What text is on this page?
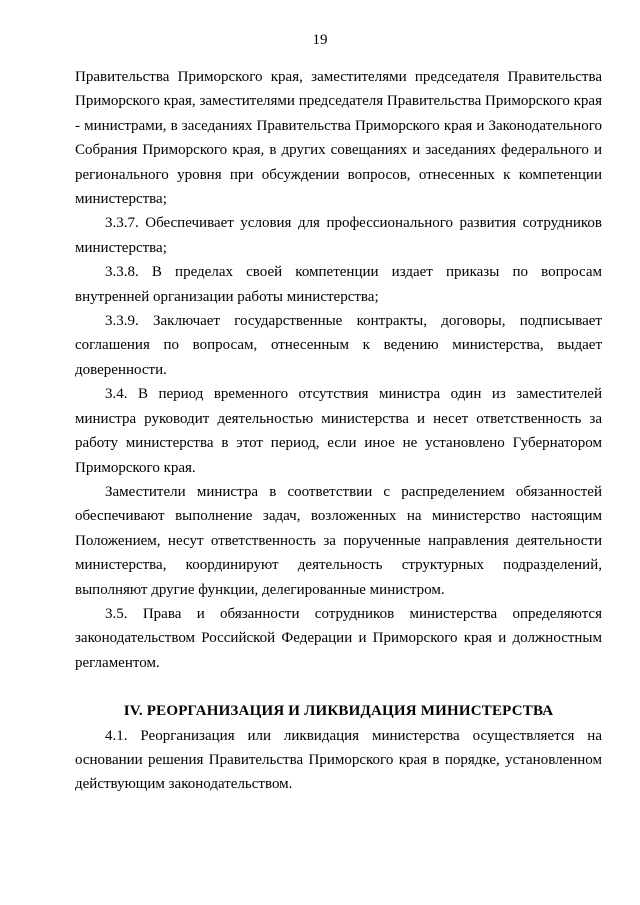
19

Правительства Приморского края, заместителями председателя Правительства Приморского края, заместителями председателя Правительства Приморского края - министрами, в заседаниях Правительства Приморского края и Законодательного Собрания Приморского края, в других совещаниях и заседаниях федерального и регионального уровня при обсуждении вопросов, отнесенных к компетенции министерства;

3.3.7. Обеспечивает условия для профессионального развития сотрудников министерства;

3.3.8. В пределах своей компетенции издает приказы по вопросам внутренней организации работы министерства;

3.3.9. Заключает государственные контракты, договоры, подписывает соглашения по вопросам, отнесенным к ведению министерства, выдает доверенности.

3.4. В период временного отсутствия министра один из заместителей министра руководит деятельностью министерства и несет ответственность за работу министерства в этот период, если иное не установлено Губернатором Приморского края.

Заместители министра в соответствии с распределением обязанностей обеспечивают выполнение задач, возложенных на министерство настоящим Положением, несут ответственность за порученные направления деятельности министерства, координируют деятельность структурных подразделений, выполняют другие функции, делегированные министром.

3.5. Права и обязанности сотрудников министерства определяются законодательством Российской Федерации и Приморского края и должностным регламентом.

IV. РЕОРГАНИЗАЦИЯ И ЛИКВИДАЦИЯ МИНИСТЕРСТВА

4.1. Реорганизация или ликвидация министерства осуществляется на основании решения Правительства Приморского края в порядке, установленном действующим законодательством.
